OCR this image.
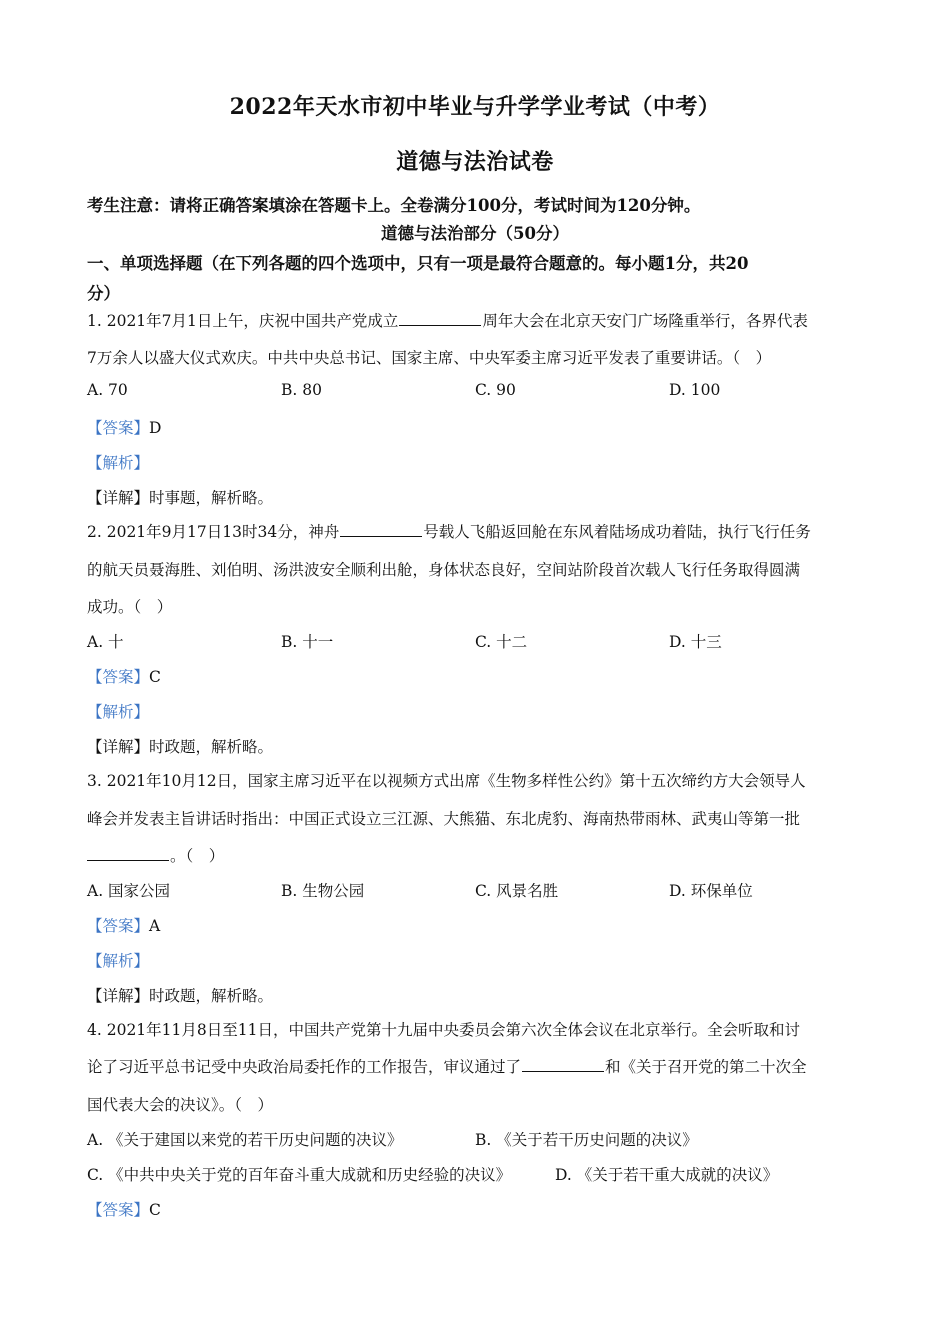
2022年天水市初中毕业与升学学业考试（中考）
道德与法治试卷
考生注意：请将正确答案填涂在答题卡上。全卷满分100分，考试时间为120分钟。
道德与法治部分（50分）
一、单项选择题（在下列各题的四个选项中，只有一项是最符合题意的。每小题1分，共20
分）
1. 2021年7月1日上午，庆祝中国共产党成立	周年大会在北京天安门广场隆重举行，各界代表
7万余人以盛大仪式欢庆。中共中央总书记、国家主席、中央军委主席习近平发表了重要讲话。（　）
A. 70	B. 80	C. 90	D. 100
【答案】D
【解析】
【详解】时事题，解析略。
2. 2021年9月17日13时34分，神舟	号载人飞船返回舱在东风着陆场成功着陆，执行飞行任务
的航天员聂海胜、刘伯明、汤洪波安全顺利出舱，身体状态良好，空间站阶段首次载人飞行任务取得圆满
成功。（　）
A. 十	B. 十一	C. 十二	D. 十三
【答案】C
【解析】
【详解】时政题，解析略。
3. 2021年10月12日，国家主席习近平在以视频方式出席《生物多样性公约》第十五次缔约方大会领导人
峰会并发表主旨讲话时指出：中国正式设立三江源、大熊猫、东北虎豹、海南热带雨林、武夷山等第一批
。（　）
A. 国家公园	B. 生物公园	C. 风景名胜	D. 环保单位
【答案】A
【解析】
【详解】时政题，解析略。
4. 2021年11月8日至11日，中国共产党第十九届中央委员会第六次全体会议在北京举行。全会听取和讨
论了习近平总书记受中央政治局委托作的工作报告，审议通过了	和《关于召开党的第二十次全
国代表大会的决议》。（　）
A. 《关于建国以来党的若干历史问题的决议》	B. 《关于若干历史问题的决议》
C. 《中共中央关于党的百年奋斗重大成就和历史经验的决议》	D. 《关于若干重大成就的决议》
【答案】C
